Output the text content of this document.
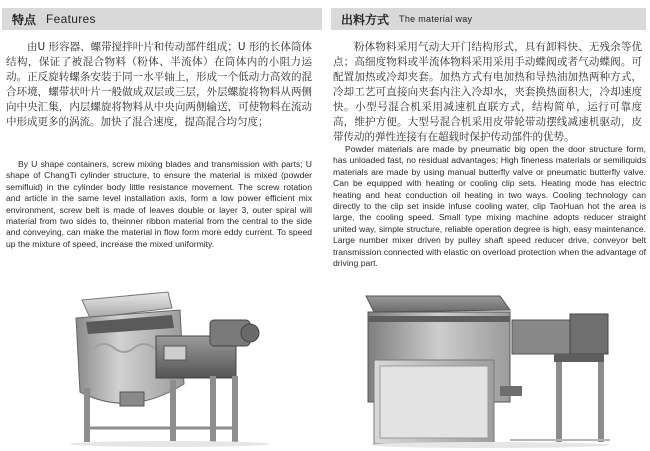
特点 Features

由U 形容器、螺带搅拌叶片和传动部件组成；U 形的长体筒体结构，保证了被混合物料（粉体、半流体）在筒体内的小阻力运动。正反旋转螺条安装于同一水平轴上，形成一个低动力高效的混合环境，螺带状叶片一般做成双层或三层，外层螺旋将物料从两侧向中央汇集，内层螺旋将物料从中央向两侧输送，可使物料在流动中形成更多的涡流。加快了混合速度，提高混合均匀度；

By U shape containers, screw mixing blades and transmission with parts; U shape of ChangTi cylinder structure, to ensure the material is mixed (powder semifluid) in the cylinder body little resistance movement. The screw rotation and article in the same level installation axis, form a low power efficient mix environment, screw belt is made of leaves double or layer 3, outer spiral will material from two sides to, theinner ribbon material from the central to the side and conveying, can make the material in flow form more eddy current. To speed up the mixture of speed, increase the mixed uniformity.

出料方式 The material way

粉体物料采用气动大开门结构形式，具有卸料快、无残余等优点；高细度物料或半流体物料采用采用手动蝶阀或者气动蝶阀。可配置加热或冷却夹套。加热方式有电加热和导热油加热两种方式，冷却工艺可直接向夹套内注入冷却水，夹套换热面积大，冷却速度快。小型号混合机采用减速机直联方式，结构简单，运行可靠度高，维护方便。大型号混合机采用皮带轮带动摆线减速机驱动，皮带传动的弹性连接有在超载时保护传动部件的优势。

Powder materials are made by pneumatic big open the door structure form, has unloaded fast, no residual advantages; High fineness materials or semiliquids materials are made by using manual butterfly valve or pneumatic butterfly valve. Can be equipped with heating or cooling clip sets. Heating mode has electric heating and heat conduction oil heating in two ways. Cooling technology can directly to the clip set inside infuse cooling water, clip TaoHuan hot the area is large, the cooling speed. Small type mixing machine adopts reducer straight united way, simple structure, reliable operation degree is high, easy maintenance. Large number mixer driven by pulley shaft speed reducer drive, conveyor belt transmission connected with elastic on overload protection when the advantage of driving part.
